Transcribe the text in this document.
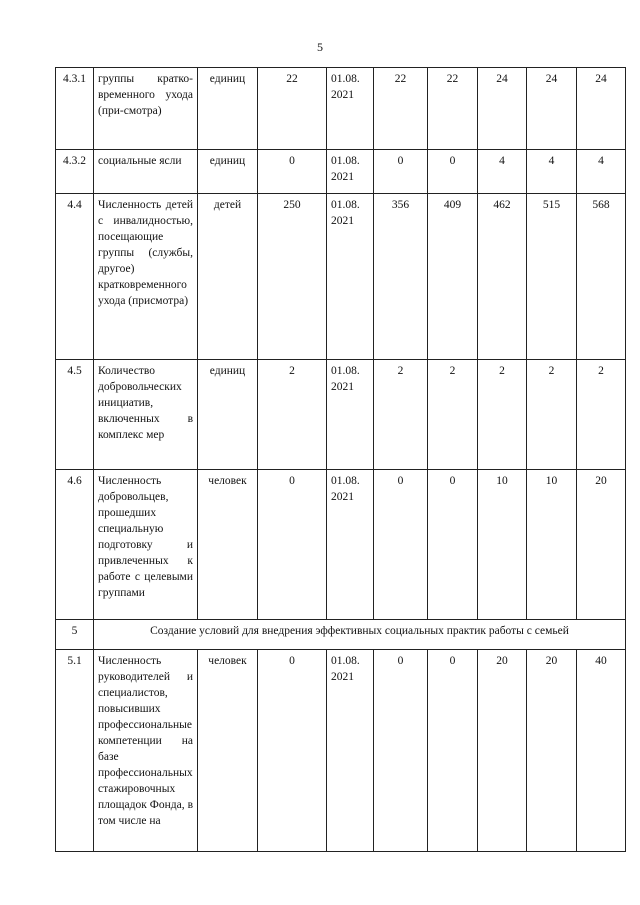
5
4.3.1	группы кратко-временного ухода (при-смотра)	единиц	22	01.08. 2021	22	22	24	24	24
4.3.2	социальные ясли	единиц	0	01.08. 2021	0	0	4	4	4
4.4	Численность детей с инвалидностью, посещающие группы (службы, другое) кратковременного ухода (присмотра)	детей	250	01.08. 2021	356	409	462	515	568
4.5	Количество добровольческих инициатив, включенных в комплекс мер	единиц	2	01.08. 2021	2	2	2	2	2
4.6	Численность добровольцев, прошедших специальную подготовку и привлеченных к работе с целевыми группами	человек	0	01.08. 2021	0	0	10	10	20
5	Создание условий для внедрения эффективных социальных практик работы с семьей								
5.1	Численность руководителей и специалистов, повысивших профессиональные компетенции на базе профессиональных стажировочных площадок Фонда, в том числе на	человек	0	01.08. 2021	0	0	20	20	40
